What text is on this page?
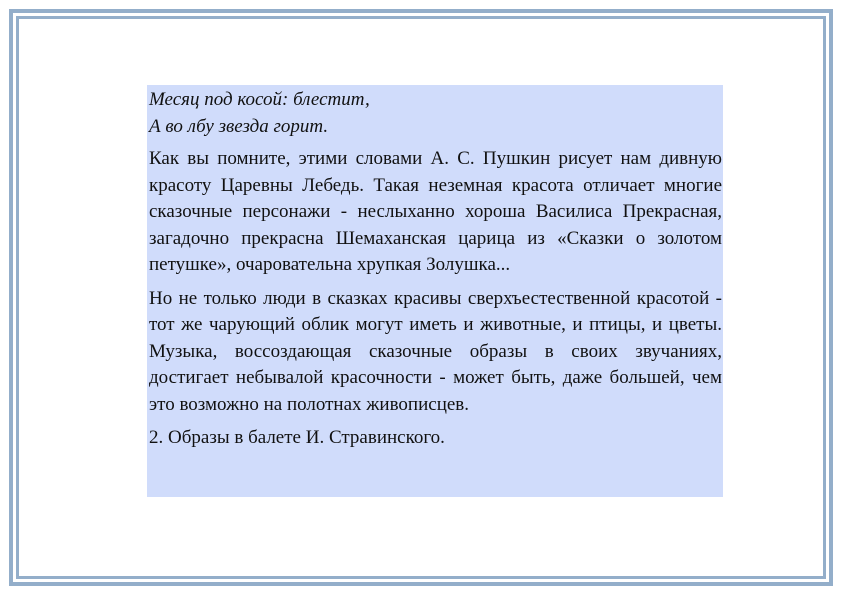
Месяц под косой: блестит,
А во лбу звезда горит.

Как вы помните, этими словами А. С. Пушкин рисует нам дивную красоту Царевны Лебедь. Такая неземная красота отличает многие сказочные персонажи - неслыханно хороша Василиса Прекрасная, загадочно прекрасна Шемаханская царица из «Сказки о золотом петушке», очаровательна хрупкая Золушка...

Но не только люди в сказках красивы сверхъестественной красотой - тот же чарующий облик могут иметь и животные, и птицы, и цветы. Музыка, воссоздающая сказочные образы в своих звучаниях, достигает небывалой красочности - может быть, даже большей, чем это возможно на полотнах живописцев.

2. Образы в балете И. Стравинского.
